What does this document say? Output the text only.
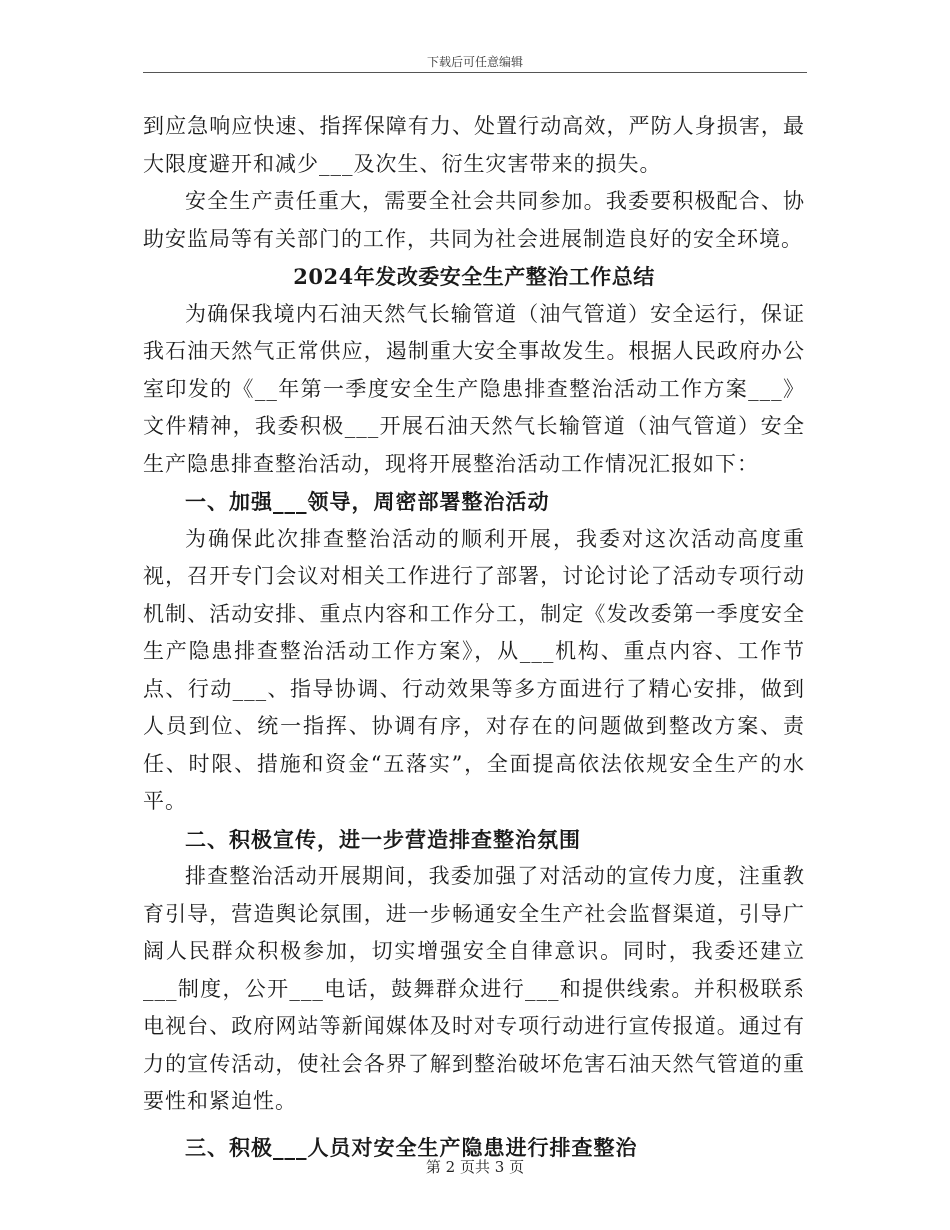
下载后可任意编辑

到应急响应快速、指挥保障有力、处置行动高效，严防人身损害，最大限度避开和减少___及次生、衍生灾害带来的损失。

安全生产责任重大，需要全社会共同参加。我委要积极配合、协助安监局等有关部门的工作，共同为社会进展制造良好的安全环境。

2024年发改委安全生产整治工作总结

为确保我境内石油天然气长输管道（油气管道）安全运行，保证我石油天然气正常供应，遏制重大安全事故发生。根据人民政府办公室印发的《__年第一季度安全生产隐患排查整治活动工作方案___》文件精神，我委积极___开展石油天然气长输管道（油气管道）安全生产隐患排查整治活动，现将开展整治活动工作情况汇报如下：

一、加强___领导，周密部署整治活动

为确保此次排查整治活动的顺利开展，我委对这次活动高度重视，召开专门会议对相关工作进行了部署，讨论讨论了活动专项行动机制、活动安排、重点内容和工作分工，制定《发改委第一季度安全生产隐患排查整治活动工作方案》，从___机构、重点内容、工作节点、行动___、指导协调、行动效果等多方面进行了精心安排，做到人员到位、统一指挥、协调有序，对存在的问题做到整改方案、责任、时限、措施和资金“五落实”，全面提高依法依规安全生产的水平。

二、积极宣传，进一步营造排查整治氛围

排查整治活动开展期间，我委加强了对活动的宣传力度，注重教育引导，营造舆论氛围，进一步畅通安全生产社会监督渠道，引导广阔人民群众积极参加，切实增强安全自律意识。同时，我委还建立___制度，公开___电话，鼓舞群众进行___和提供线索。并积极联系电视台、政府网站等新闻媒体及时对专项行动进行宣传报道。通过有力的宣传活动，使社会各界了解到整治破坏危害石油天然气管道的重要性和紧迫性。

三、积极___人员对安全生产隐患进行排查整治

第 2 页共 3 页
